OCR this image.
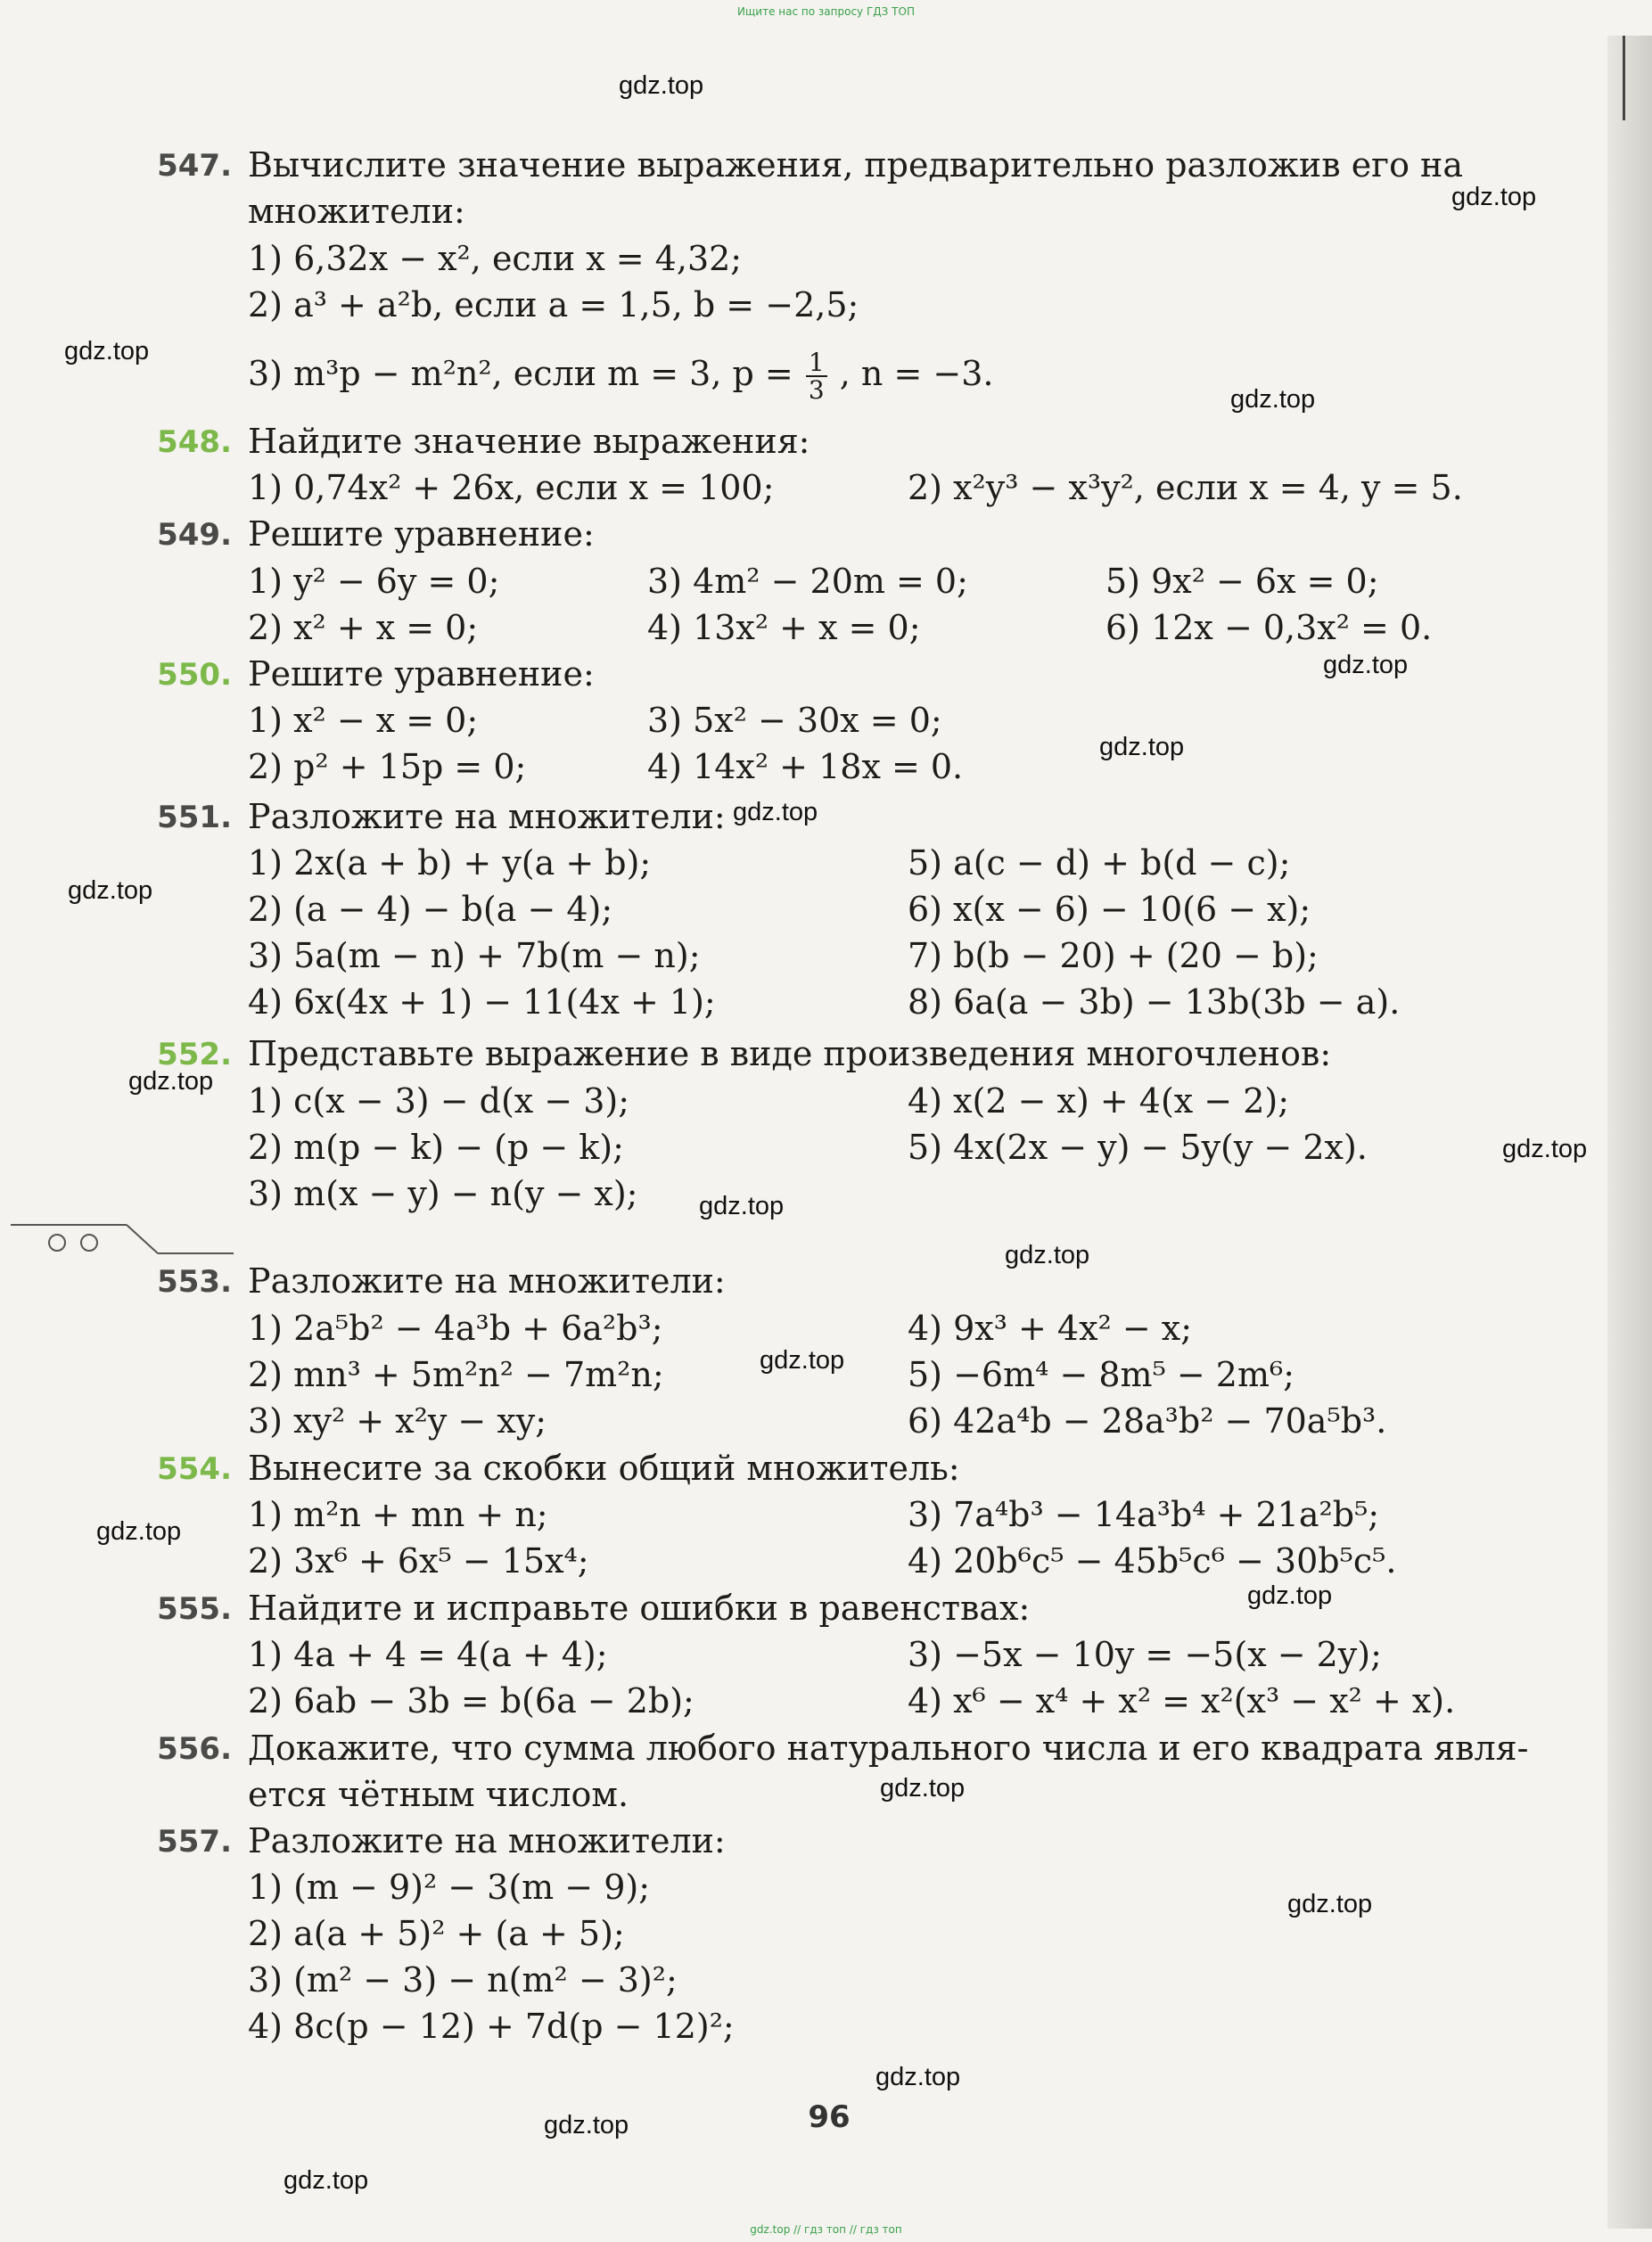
Ищите нас по запросу ГДЗ ТОП
gdz.top
gdz.top
gdz.top
gdz.top
gdz.top
gdz.top
gdz.top
gdz.top
gdz.top
gdz.top
gdz.top
gdz.top
gdz.top
gdz.top
gdz.top
gdz.top
gdz.top
gdz.top
gdz.top
gdz.top
547. Вычислите значение выражения, предварительно разложив его на
множители:
1) 6,32x − x², если x = 4,32;
2) a³ + a²b, если a = 1,5, b = −2,5;
3) m³p − m²n², если m = 3, $p = \frac{1}{3}$ , n = −3.
548. Найдите значение выражения:
1) 0,74x² + 26x, если x = 100;	2) x²y³ − x³y², если x = 4, y = 5.
549. Решите уравнение:
1) y² − 6y = 0;	3) 4m² − 20m = 0;	5) 9x² − 6x = 0;
2) x² + x = 0;	4) 13x² + x = 0;	6) 12x − 0,3x² = 0.
550. Решите уравнение:
1) x² − x = 0;	3) 5x² − 30x = 0;
2) p² + 15p = 0;	4) 14x² + 18x = 0.
551. Разложите на множители:
1) 2x(a + b) + y(a + b);	5) a(c − d) + b(d − c);
2) (a − 4) − b(a − 4);	6) x(x − 6) − 10(6 − x);
3) 5a(m − n) + 7b(m − n);	7) b(b − 20) + (20 − b);
4) 6x(4x + 1) − 11(4x + 1);	8) 6a(a − 3b) − 13b(3b − a).
552. Представьте выражение в виде произведения многочленов:
1) c(x − 3) − d(x − 3);	4) x(2 − x) + 4(x − 2);
2) m(p − k) − (p − k);	5) 4x(2x − y) − 5y(y − 2x).
3) m(x − y) − n(y − x);
553. Разложите на множители:
1) 2a⁵b² − 4a³b + 6a²b³;	4) 9x³ + 4x² − x;
2) mn³ + 5m²n² − 7m²n;	5) −6m⁴ − 8m⁵ − 2m⁶;
3) xy² + x²y − xy;	6) 42a⁴b − 28a³b² − 70a⁵b³.
554. Вынесите за скобки общий множитель:
1) m²n + mn + n;	3) 7a⁴b³ − 14a³b⁴ + 21a²b⁵;
2) 3x⁶ + 6x⁵ − 15x⁴;	4) 20b⁶c⁵ − 45b⁵c⁶ − 30b⁵c⁵.
555. Найдите и исправьте ошибки в равенствах:
1) 4a + 4 = 4(a + 4);	3) −5x − 10y = −5(x − 2y);
2) 6ab − 3b = b(6a − 2b);	4) x⁶ − x⁴ + x² = x²(x³ − x² + x).
556. Докажите, что сумма любого натурального числа и его квадрата явля-
ется чётным числом.
557. Разложите на множители:
1) (m − 9)² − 3(m − 9);
2) a(a + 5)² + (a + 5);
3) (m² − 3) − n(m² − 3)²;
4) 8c(p − 12) + 7d(p − 12)²;
96
gdz.top // гдз топ // гдз топ
